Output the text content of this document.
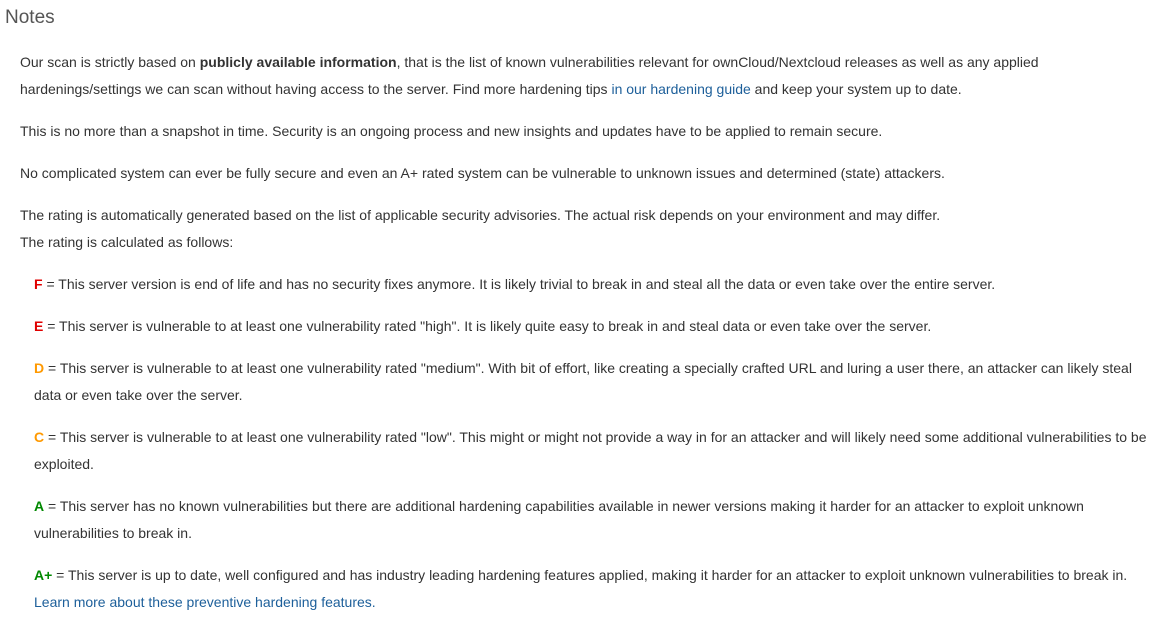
Notes

Our scan is strictly based on publicly available information, that is the list of known vulnerabilities relevant for ownCloud/Nextcloud releases as well as any applied hardenings/settings we can scan without having access to the server. Find more hardening tips in our hardening guide and keep your system up to date.

This is no more than a snapshot in time. Security is an ongoing process and new insights and updates have to be applied to remain secure.

No complicated system can ever be fully secure and even an A+ rated system can be vulnerable to unknown issues and determined (state) attackers.

The rating is automatically generated based on the list of applicable security advisories. The actual risk depends on your environment and may differ.

The rating is calculated as follows:

F = This server version is end of life and has no security fixes anymore. It is likely trivial to break in and steal all the data or even take over the entire server.

E = This server is vulnerable to at least one vulnerability rated "high". It is likely quite easy to break in and steal data or even take over the server.

D = This server is vulnerable to at least one vulnerability rated "medium". With bit of effort, like creating a specially crafted URL and luring a user there, an attacker can likely steal data or even take over the server.

C = This server is vulnerable to at least one vulnerability rated "low". This might or might not provide a way in for an attacker and will likely need some additional vulnerabilities to be exploited.

A = This server has no known vulnerabilities but there are additional hardening capabilities available in newer versions making it harder for an attacker to exploit unknown vulnerabilities to break in.

A+ = This server is up to date, well configured and has industry leading hardening features applied, making it harder for an attacker to exploit unknown vulnerabilities to break in. Learn more about these preventive hardening features.
